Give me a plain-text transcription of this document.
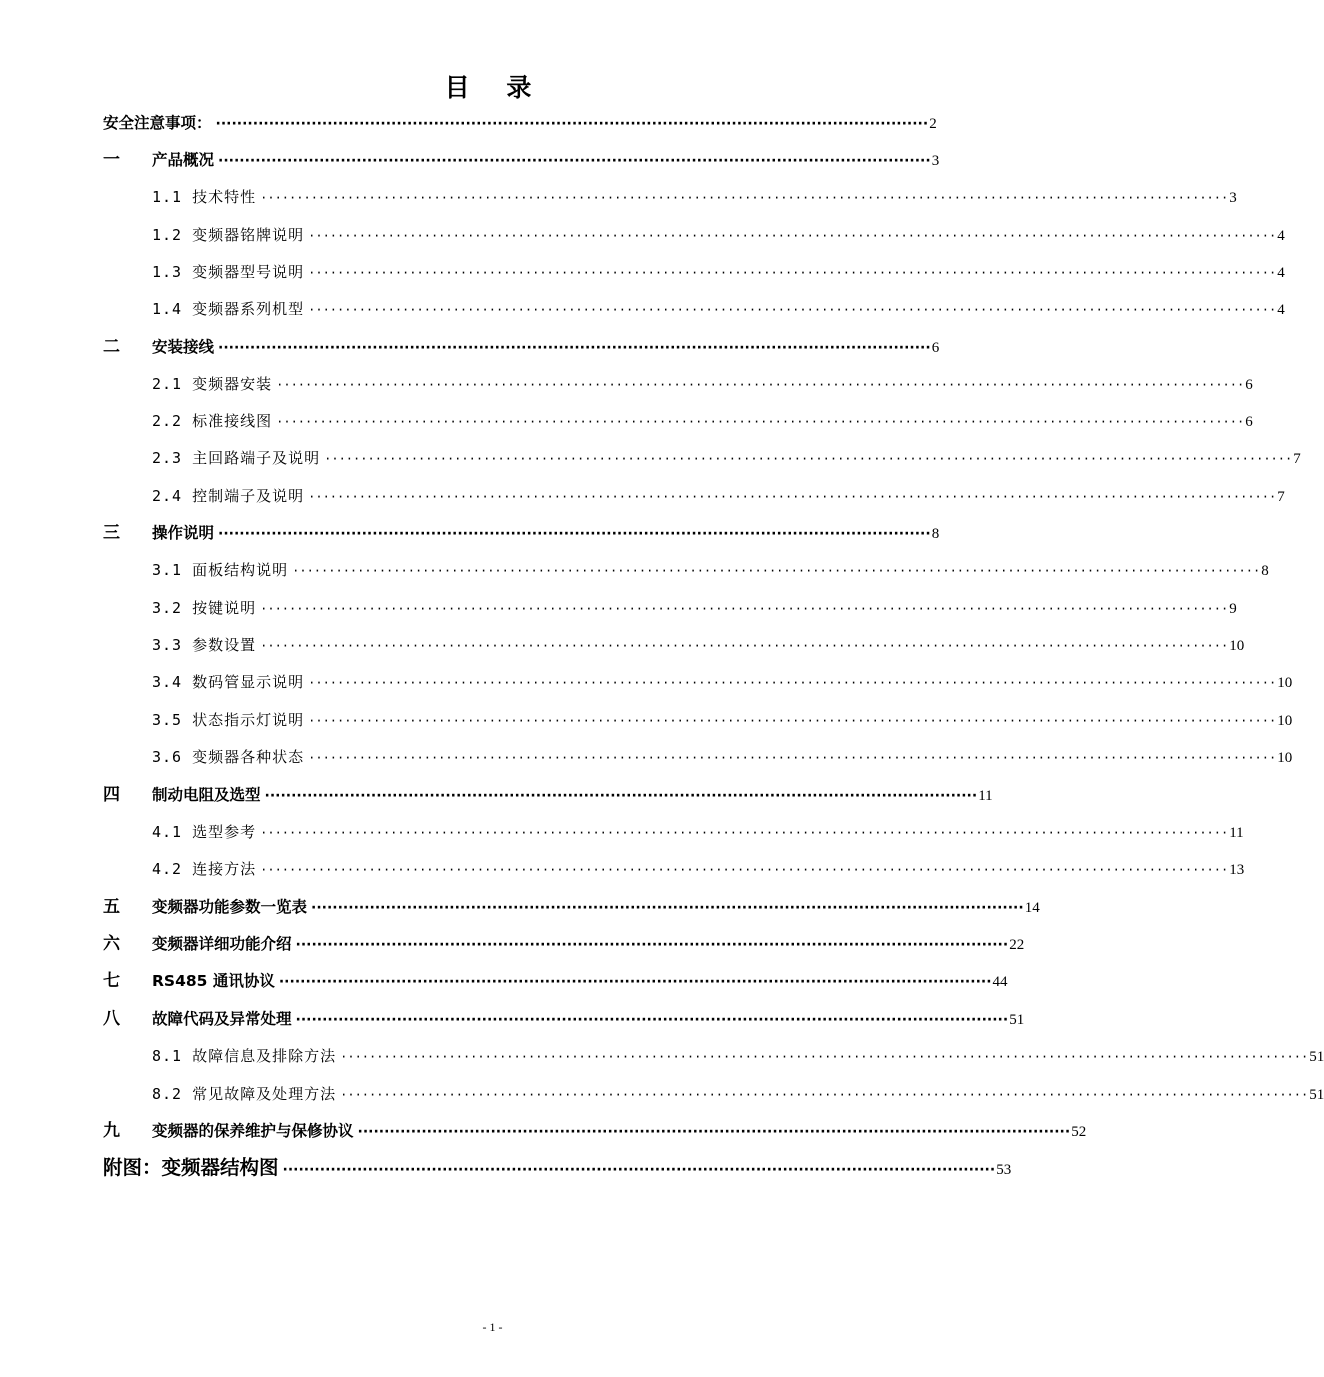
目 录
安全注意事项： ······································································································································ 2
一 产品概况 ······································································································································ 3
1.1 技术特性 ······································································································································ 3
1.2 变频器铭牌说明 ······································································································································ 4
1.3 变频器型号说明 ······································································································································ 4
1.4 变频器系列机型 ······································································································································ 4
二 安装接线 ······································································································································ 6
2.1 变频器安装 ······································································································································ 6
2.2 标准接线图 ······································································································································ 6
2.3 主回路端子及说明 ······································································································································ 7
2.4 控制端子及说明 ······································································································································ 7
三 操作说明 ······································································································································ 8
3.1 面板结构说明 ······································································································································ 8
3.2 按键说明 ······································································································································ 9
3.3 参数设置 ······································································································································ 10
3.4 数码管显示说明 ······································································································································ 10
3.5 状态指示灯说明 ······································································································································ 10
3.6 变频器各种状态 ······································································································································ 10
四 制动电阻及选型 ······································································································································ 11
4.1 选型参考 ······································································································································ 11
4.2 连接方法 ······································································································································ 13
五 变频器功能参数一览表 ······································································································································ 14
六 变频器详细功能介绍 ······································································································································ 22
七 RS485 通讯协议 ······································································································································ 44
八 故障代码及异常处理 ······································································································································ 51
8.1 故障信息及排除方法 ······································································································································ 51
8.2 常见故障及处理方法 ······································································································································ 51
九 变频器的保养维护与保修协议 ······································································································································ 52
附图：变频器结构图 ······································································································································ 53
- 1 -
